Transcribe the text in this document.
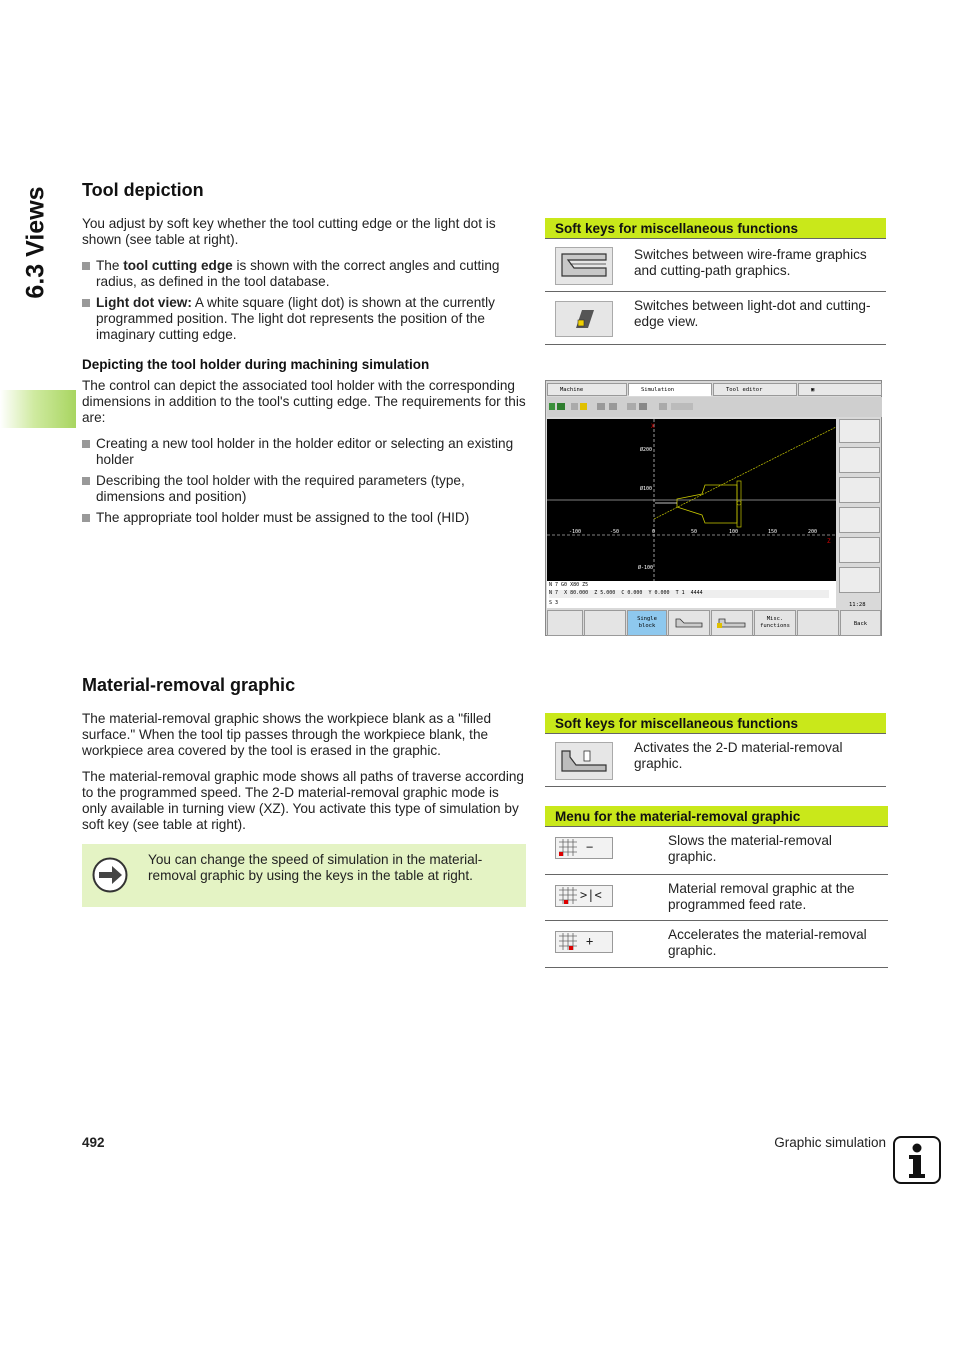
6.3 Views Tool depiction

You adjust by soft key whether the tool cutting edge or the light dot is shown (see table at right).

The tool cutting edge is shown with the correct angles and cutting radius, as defined in the tool database.
Light dot view: A white square (light dot) is shown at the currently programmed position. The light dot represents the position of the imaginary cutting edge.
Depicting the tool holder during machining simulation

The control can depict the associated tool holder with the corresponding dimensions in addition to the tool's cutting edge. The requirements for this are:

Creating a new tool holder in the holder editor or selecting an existing holder
Describing the tool holder with the required parameters (type, dimensions and position)
The appropriate tool holder must be assigned to the tool (HID)
Soft keys for miscellaneous functions
Switches between wire-frame graphics and cutting-path graphics.
Switches between light-dot and cutting-edge view.
Machine	Simulation	Tool editor	▣
X
Z
-100	-50	0	50	100	150	200
Ø200
Ø100
Ø-100
11:28
N 7 G0 X80 Z5
N 7 X 80.000 Z 5.000 C 0.000 Y 0.000 T 1 4444
S 3
Single block
Misc. functions	Back
Material-removal graphic

The material-removal graphic shows the workpiece blank as a "filled surface." When the tool tip passes through the workpiece blank, the workpiece area covered by the tool is erased in the graphic.

The material-removal graphic mode shows all paths of traverse according to the programmed speed. The 2-D material-removal graphic mode is only available in turning view (XZ). You activate this type of simulation by soft key (see table at right).

You can change the speed of simulation in the material-removal graphic by using the keys in the table at right.
Soft keys for miscellaneous functions
Activates the 2-D material-removal graphic.
Menu for the material-removal graphic
−	Slows the material-removal graphic.
>|<	Material removal graphic at the programmed feed rate.
+	Accelerates the material-removal graphic.
492	Graphic simulation
